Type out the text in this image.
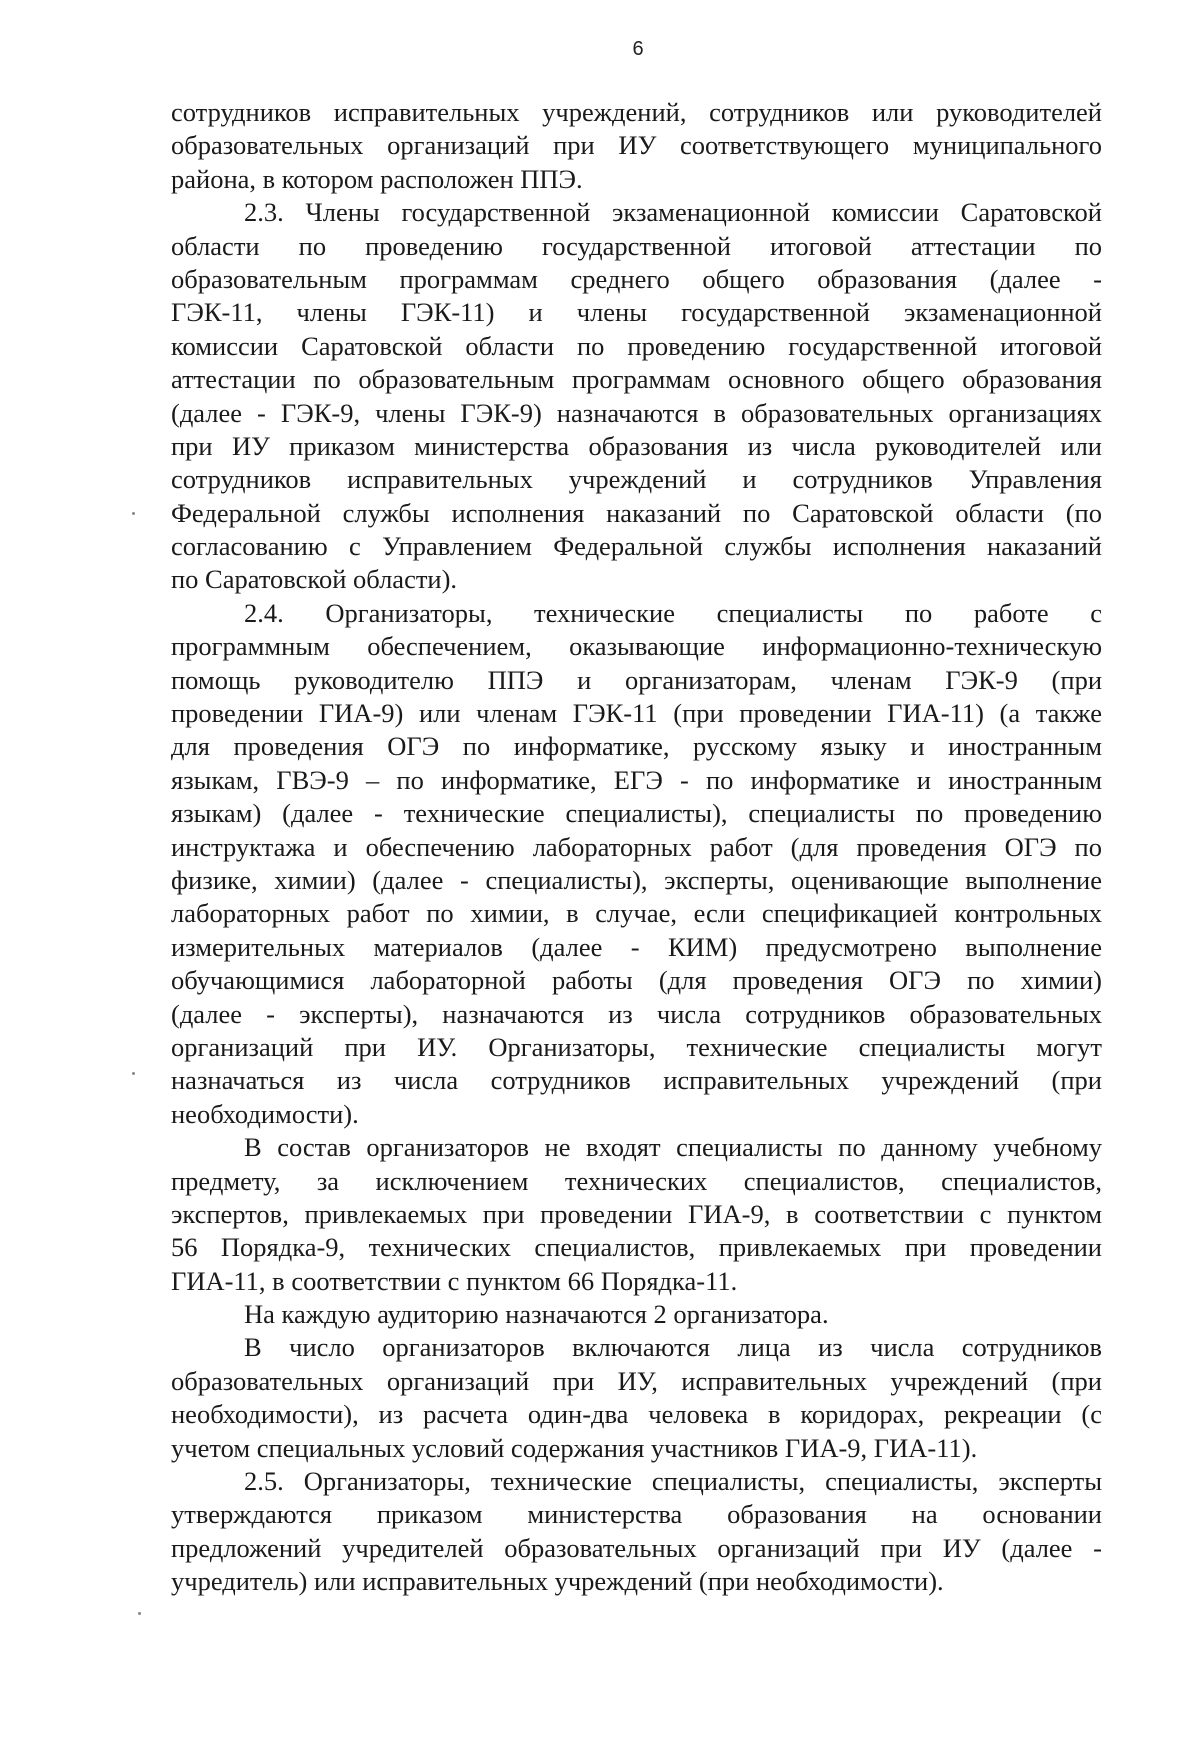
6
сотрудников исправительных учреждений, сотрудников или руководителей
образовательных организаций при ИУ соответствующего муниципального
района, в котором расположен ППЭ.
2.3. Члены государственной экзаменационной комиссии Саратовской
области по проведению государственной итоговой аттестации по
образовательным программам среднего общего образования (далее -
ГЭК-11, члены ГЭК-11) и члены государственной экзаменационной
комиссии Саратовской области по проведению государственной итоговой
аттестации по образовательным программам основного общего образования
(далее - ГЭК-9, члены ГЭК-9) назначаются в образовательных организациях
при ИУ приказом министерства образования из числа руководителей или
сотрудников исправительных учреждений и сотрудников Управления
Федеральной службы исполнения наказаний по Саратовской области (по
согласованию с Управлением Федеральной службы исполнения наказаний
по Саратовской области).
2.4. Организаторы, технические специалисты по работе с
программным обеспечением, оказывающие информационно-техническую
помощь руководителю ППЭ и организаторам, членам ГЭК-9 (при
проведении ГИА-9) или членам ГЭК-11 (при проведении ГИА-11) (а также
для проведения ОГЭ по информатике, русскому языку и иностранным
языкам, ГВЭ-9 – по информатике, ЕГЭ - по информатике и иностранным
языкам) (далее - технические специалисты), специалисты по проведению
инструктажа и обеспечению лабораторных работ (для проведения ОГЭ по
физике, химии) (далее - специалисты), эксперты, оценивающие выполнение
лабораторных работ по химии, в случае, если спецификацией контрольных
измерительных материалов (далее - КИМ) предусмотрено выполнение
обучающимися лабораторной работы (для проведения ОГЭ по химии)
(далее - эксперты), назначаются из числа сотрудников образовательных
организаций при ИУ. Организаторы, технические специалисты могут
назначаться из числа сотрудников исправительных учреждений (при
необходимости).
В состав организаторов не входят специалисты по данному учебному
предмету, за исключением технических специалистов, специалистов,
экспертов, привлекаемых при проведении ГИА-9, в соответствии с пунктом
56 Порядка-9, технических специалистов, привлекаемых при проведении
ГИА-11, в соответствии с пунктом 66 Порядка-11.
На каждую аудиторию назначаются 2 организатора.
В число организаторов включаются лица из числа сотрудников
образовательных организаций при ИУ, исправительных учреждений (при
необходимости), из расчета один-два человека в коридорах, рекреации (с
учетом специальных условий содержания участников ГИА-9, ГИА-11).
2.5. Организаторы, технические специалисты, специалисты, эксперты
утверждаются приказом министерства образования на основании
предложений учредителей образовательных организаций при ИУ (далее -
учредитель) или исправительных учреждений (при необходимости).
